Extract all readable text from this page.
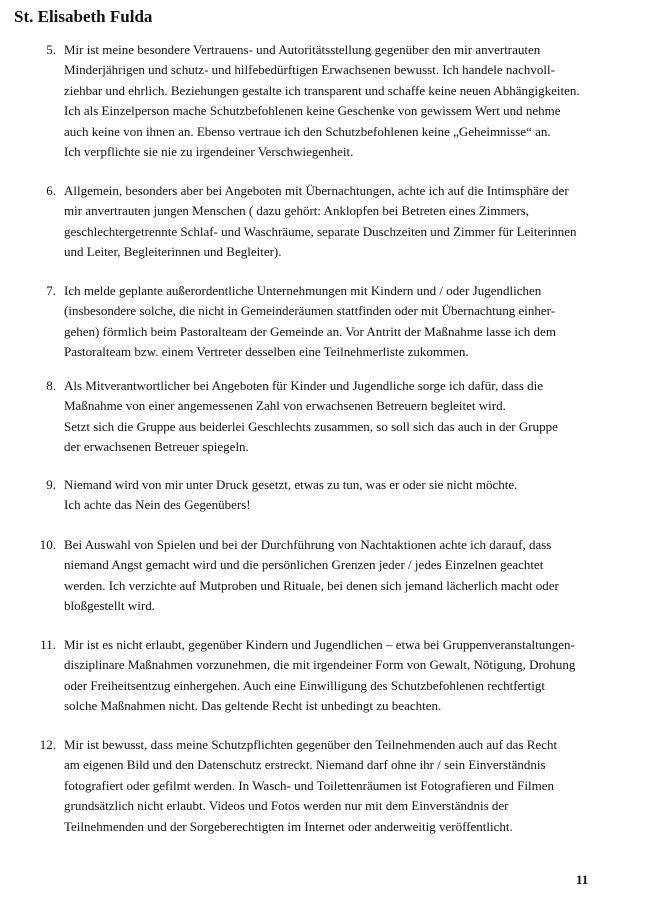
St. Elisabeth Fulda
5. Mir ist meine besondere Vertrauens- und Autoritätsstellung gegenüber den mir anvertrauten
Minderjährigen und schutz- und hilfebedürftigen Erwachsenen bewusst. Ich handele nachvoll-
ziehbar und ehrlich. Beziehungen gestalte ich transparent und schaffe keine neuen Abhängigkeiten.
Ich als Einzelperson mache Schutzbefohlenen keine Geschenke von gewissem Wert und nehme
auch keine von ihnen an. Ebenso vertraue ich den Schutzbefohlenen keine „Geheimnisse“ an.
Ich verpflichte sie nie zu irgendeiner Verschwiegenheit.
6. Allgemein, besonders aber bei Angeboten mit Übernachtungen, achte ich auf die Intimsphäre der
mir anvertrauten jungen Menschen ( dazu gehört: Anklopfen bei Betreten eines Zimmers,
geschlechtergetrennte Schlaf- und Waschräume, separate Duschzeiten und Zimmer für Leiterinnen
und Leiter, Begleiterinnen und Begleiter).
7. Ich melde geplante außerordentliche Unternehmungen mit Kindern und / oder Jugendlichen
(insbesondere solche, die nicht in Gemeinderäumen stattfinden oder mit Übernachtung einher-
gehen) förmlich beim Pastoralteam der Gemeinde an. Vor Antritt der Maßnahme lasse ich dem
Pastoralteam bzw. einem Vertreter desselben eine Teilnehmerliste zukommen.
8. Als Mitverantwortlicher bei Angeboten für Kinder und Jugendliche sorge ich dafür, dass die
Maßnahme von einer angemessenen Zahl von erwachsenen Betreuern begleitet wird.
Setzt sich die Gruppe aus beiderlei Geschlechts zusammen, so soll sich das auch in der Gruppe
der erwachsenen Betreuer spiegeln.
9. Niemand wird von mir unter Druck gesetzt, etwas zu tun, was er oder sie nicht möchte.
Ich achte das Nein des Gegenübers!
10. Bei Auswahl von Spielen und bei der Durchführung von Nachtaktionen achte ich darauf, dass
niemand Angst gemacht wird und die persönlichen Grenzen jeder / jedes Einzelnen geachtet
werden. Ich verzichte auf Mutproben und Rituale, bei denen sich jemand lächerlich macht oder
bloßgestellt wird.
11. Mir ist es nicht erlaubt, gegenüber Kindern und Jugendlichen – etwa bei Gruppenveranstaltungen-
disziplinare Maßnahmen vorzunehmen, die mit irgendeiner Form von Gewalt, Nötigung, Drohung
oder Freiheitsentzug einhergehen. Auch eine Einwilligung des Schutzbefohlenen rechtfertigt
solche Maßnahmen nicht. Das geltende Recht ist unbedingt zu beachten.
12. Mir ist bewusst, dass meine Schutzpflichten gegenüber den Teilnehmenden auch auf das Recht
am eigenen Bild und den Datenschutz erstreckt. Niemand darf ohne ihr / sein Einverständnis
fotografiert oder gefilmt werden. In Wasch- und Toilettenräumen ist Fotografieren und Filmen
grundsätzlich nicht erlaubt. Videos und Fotos werden nur mit dem Einverständnis der
Teilnehmenden und der Sorgeberechtigten im Internet oder anderweitig veröffentlicht.
11
